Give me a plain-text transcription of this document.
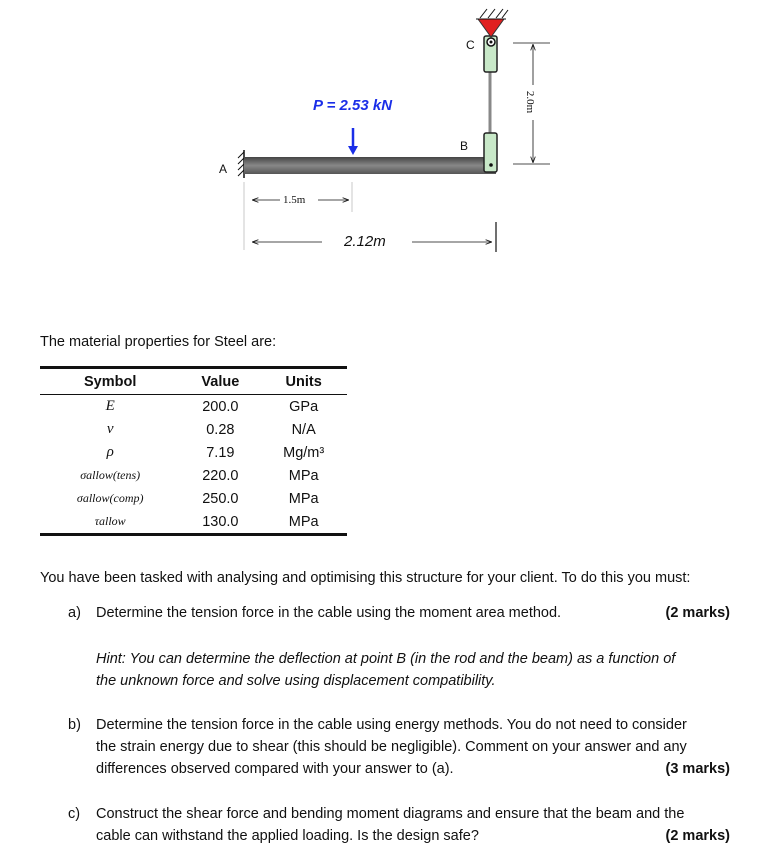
P = 2.53 kN
A
B
C
2.0m
1.5m
2.12m
The material properties for Steel are:
Symbol	Value	Units
E	200.0	GPa
ν	0.28	N/A
ρ	7.19	Mg/m³
σallow(tens)	220.0	MPa
σallow(comp)	250.0	MPa
τallow	130.0	MPa
You have been tasked with analysing and optimising this structure for your client. To do this you must:
a) Determine the tension force in the cable using the moment area method.	(2 marks)
Hint: You can determine the deflection at point B (in the rod and the beam) as a function of
the unknown force and solve using displacement compatibility.
b) Determine the tension force in the cable using energy methods. You do not need to consider
the strain energy due to shear (this should be negligible). Comment on your answer and any
differences observed compared with your answer to (a).	(3 marks)
c) Construct the shear force and bending moment diagrams and ensure that the beam and the
cable can withstand the applied loading. Is the design safe?	(2 marks)
